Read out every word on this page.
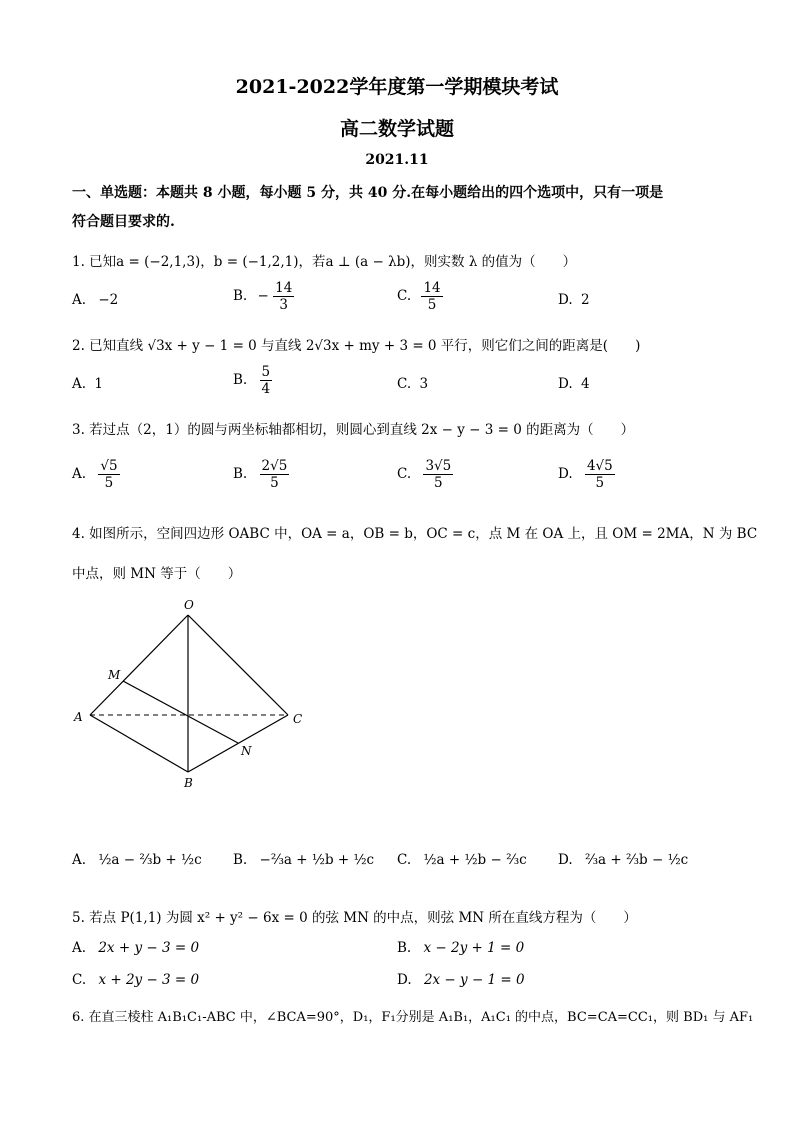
2021-2022学年度第一学期模块考试
高二数学试题
2021.11
一、单选题：本题共 8 小题，每小题 5 分，共 40 分.在每小题给出的四个选项中，只有一项是
符合题目要求的.
1. 已知a = (−2,1,3)，b = (−1,2,1)，若a ⊥ (a − λb)，则实数 λ 的值为（　　）
A. −2	B. − $\frac{14}{3}$	C. $\frac{14}{5}$	D. 2
2. 已知直线 √3x + y − 1 = 0 与直线 2√3x + my + 3 = 0 平行，则它们之间的距离是(　　)
A. 1	B. $\frac{5}{4}$	C. 3	D. 4
3. 若过点（2，1）的圆与两坐标轴都相切，则圆心到直线 2x − y − 3 = 0 的距离为（　　）
A. $\frac{√5}{5}$	B. $\frac{2√5}{5}$	C. $\frac{3√5}{5}$	D. $\frac{4√5}{5}$
4. 如图所示，空间四边形 OABC 中，OA = a，OB = b，OC = c，点 M 在 OA 上，且 OM = 2MA，N 为 BC
中点，则 MN 等于（　　）
O
M
A	C
N
B
A. ½a − ⅔b + ½c B. −⅔a + ½b + ½c C. ½a + ½b − ⅔c D. ⅔a + ⅔b − ½c
5. 若点 P(1,1) 为圆 x² + y² − 6x = 0 的弦 MN 的中点，则弦 MN 所在直线方程为（　　）
A. 2x + y − 3 = 0	B. x − 2y + 1 = 0
C. x + 2y − 3 = 0	D. 2x − y − 1 = 0
6. 在直三棱柱 A₁B₁C₁-ABC 中，∠BCA=90°，D₁，F₁分别是 A₁B₁，A₁C₁ 的中点，BC=CA=CC₁，则 BD₁ 与 AF₁
